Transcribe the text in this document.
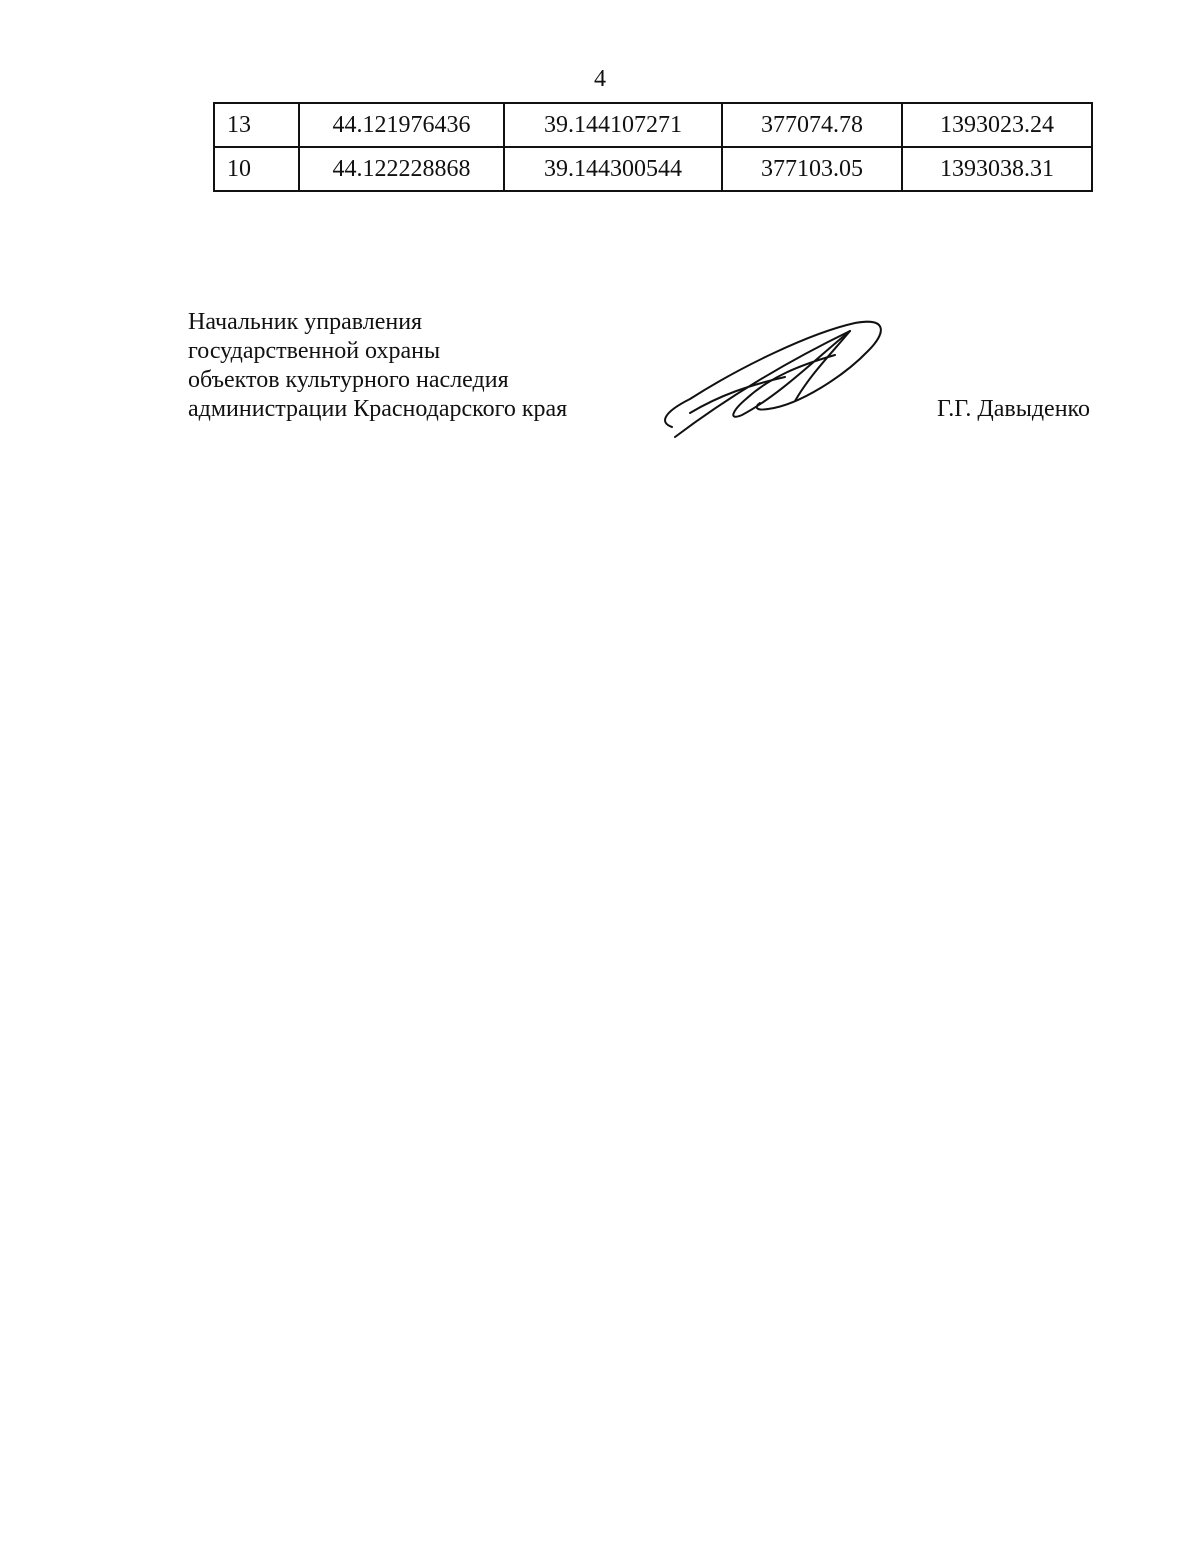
4
13	44.121976436	39.144107271	377074.78	1393023.24
10	44.122228868	39.144300544	377103.05	1393038.31
Начальник управления
государственной охраны
объектов культурного наследия
администрации Краснодарского края	Г.Г. Давыденко
